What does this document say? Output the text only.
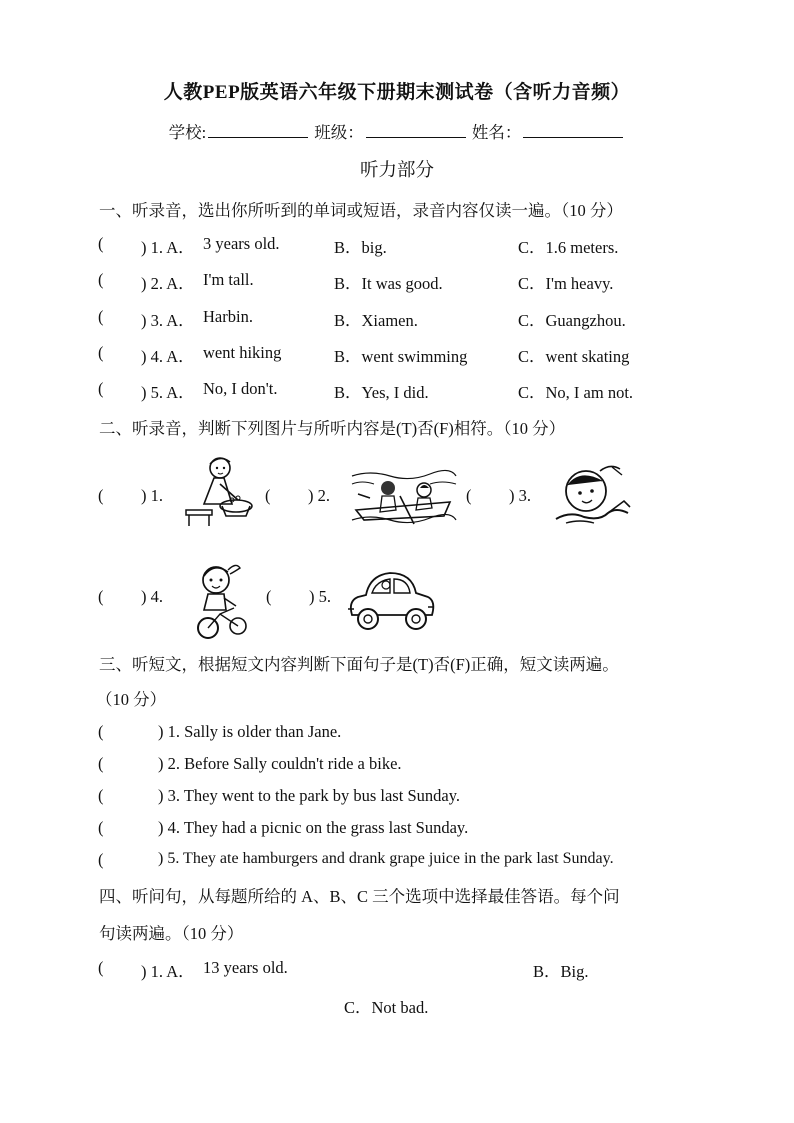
人教PEP版英语六年级下册期末测试卷（含听力音频）
学校:	班级：	姓名：
听力部分
一、听录音，选出你所听到的单词或短语，录音内容仅读一遍。（10 分）
( ) 1. A． 3 years old.	B．big.	C．1.6 meters.
( ) 2. A． I'm tall.	B．It was good.	C．I'm heavy.
( ) 3. A． Harbin.	B．Xiamen.	C．Guangzhou.
( ) 4. A． went hiking	B．went swimming	C．went skating
( ) 5. A． No, I don't.	B．Yes, I did.	C．No, I am not.
二、听录音，判断下列图片与所听内容是(T)否(F)相符。（10 分）
( ) 1.	( ) 2.	( ) 3.
( ) 4.	( ) 5.
三、听短文，根据短文内容判断下面句子是(T)否(F)正确，短文读两遍。
（10 分）
(	) 1. Sally is older than Jane.
(	) 2. Before Sally couldn't ride a bike.
(	) 3. They went to the park by bus last Sunday.
(	) 4. They had a picnic on the grass last Sunday.
(	) 5. They ate hamburgers and drank grape juice in the park last Sunday.
四、听问句，从每题所给的 A、B、C 三个选项中选择最佳答语。每个问
句读两遍。（10 分）
( ) 1. A． 13 years old.	B．Big.
C．Not bad.
